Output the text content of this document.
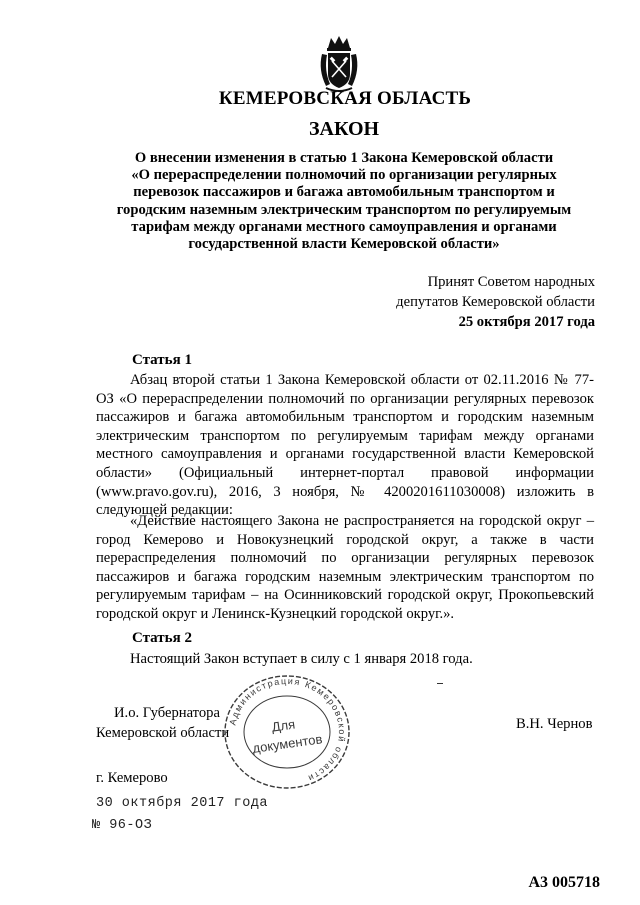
КЕМЕРОВСКАЯ ОБЛАСТЬ
ЗАКОН
О внесении изменения в статью 1 Закона Кемеровской области
«О перераспределении полномочий по организации регулярных
перевозок пассажиров и багажа автомобильным транспортом и
городским наземным электрическим транспортом по регулируемым
тарифам между органами местного самоуправления и органами
государственной власти Кемеровской области»
Принят Советом народных
депутатов Кемеровской области
25 октября 2017 года
Статья 1
Абзац второй статьи 1 Закона Кемеровской области от 02.11.2016 № 77-ОЗ «О перераспределении полномочий по организации регулярных перевозок пассажиров и багажа автомобильным транспортом и городским наземным электрическим транспортом по регулируемым тарифам между органами местного самоуправления и органами государственной власти Кемеровской области» (Официальный интернет-портал правовой информации (www.pravo.gov.ru), 2016, 3 ноября, № 4200201611030008) изложить в следующей редакции:
«Действие настоящего Закона не распространяется на городской округ – город Кемерово и Новокузнецкий городской округ, а также в части перераспределения полномочий по организации регулярных перевозок пассажиров и багажа городским наземным электрическим транспортом по регулируемым тарифам – на Осинниковский городской округ, Прокопьевский городской округ и Ленинск-Кузнецкий городской округ.».
Статья 2
Настоящий Закон вступает в силу с 1 января 2018 года.
И.о. Губернатора
Кемеровской области
В.Н. Чернов
Администрация Кемеровской области
Для
документов
г. Кемерово
30 октября 2017 года
№ 96-ОЗ
А3 005718
